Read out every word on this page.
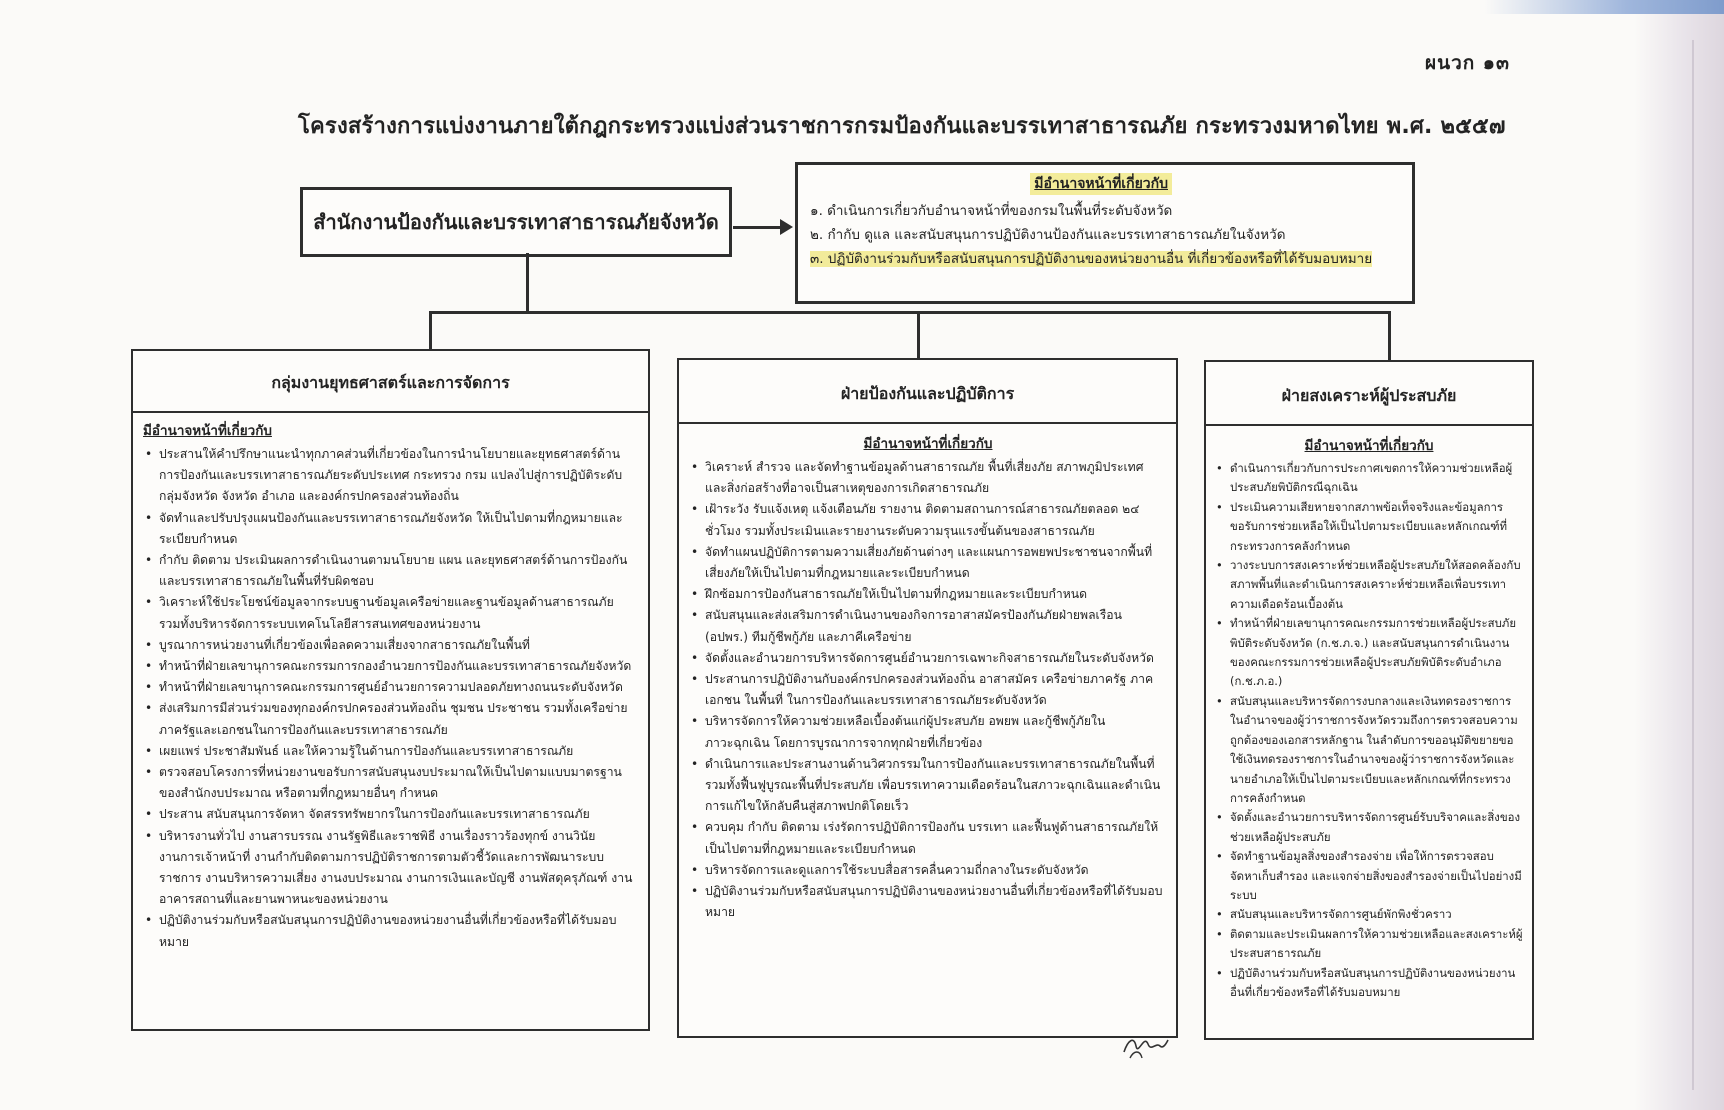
ผนวก ๑๓
โครงสร้างการแบ่งงานภายใต้กฎกระทรวงแบ่งส่วนราชการกรมป้องกันและบรรเทาสาธารณภัย กระทรวงมหาดไทย พ.ศ. ๒๕๕๗
สำนักงานป้องกันและบรรเทาสาธารณภัยจังหวัด
มีอำนาจหน้าที่เกี่ยวกับ
๑. ดำเนินการเกี่ยวกับอำนาจหน้าที่ของกรมในพื้นที่ระดับจังหวัด
๒. กำกับ ดูแล และสนับสนุนการปฏิบัติงานป้องกันและบรรเทาสาธารณภัยในจังหวัด
๓. ปฏิบัติงานร่วมกับหรือสนับสนุนการปฏิบัติงานของหน่วยงานอื่น ที่เกี่ยวข้องหรือที่ได้รับมอบหมาย
กลุ่มงานยุทธศาสตร์และการจัดการ
มีอำนาจหน้าที่เกี่ยวกับ
• ประสานให้คำปรึกษาแนะนำทุกภาคส่วนที่เกี่ยวข้องในการนำนโยบายและยุทธศาสตร์ด้านการป้องกันและบรรเทาสาธารณภัยระดับประเทศ กระทรวง กรม แปลงไปสู่การปฏิบัติระดับกลุ่มจังหวัด จังหวัด อำเภอ และองค์กรปกครองส่วนท้องถิ่น
• จัดทำและปรับปรุงแผนป้องกันและบรรเทาสาธารณภัยจังหวัด ให้เป็นไปตามที่กฎหมายและระเบียบกำหนด
• กำกับ ติดตาม ประเมินผลการดำเนินงานตามนโยบาย แผน และยุทธศาสตร์ด้านการป้องกันและบรรเทาสาธารณภัยในพื้นที่รับผิดชอบ
• วิเคราะห์ใช้ประโยชน์ข้อมูลจากระบบฐานข้อมูลเครือข่ายและฐานข้อมูลด้านสาธารณภัย รวมทั้งบริหารจัดการระบบเทคโนโลยีสารสนเทศของหน่วยงาน
• บูรณาการหน่วยงานที่เกี่ยวข้องเพื่อลดความเสี่ยงจากสาธารณภัยในพื้นที่
• ทำหน้าที่ฝ่ายเลขานุการคณะกรรมการกองอำนวยการป้องกันและบรรเทาสาธารณภัยจังหวัด
• ทำหน้าที่ฝ่ายเลขานุการคณะกรรมการศูนย์อำนวยการความปลอดภัยทางถนนระดับจังหวัด
• ส่งเสริมการมีส่วนร่วมของทุกองค์กรปกครองส่วนท้องถิ่น ชุมชน ประชาชน รวมทั้งเครือข่ายภาครัฐและเอกชนในการป้องกันและบรรเทาสาธารณภัย
• เผยแพร่ ประชาสัมพันธ์ และให้ความรู้ในด้านการป้องกันและบรรเทาสาธารณภัย
• ตรวจสอบโครงการที่หน่วยงานขอรับการสนับสนุนงบประมาณให้เป็นไปตามแบบมาตรฐานของสำนักงบประมาณ หรือตามที่กฎหมายอื่นๆ กำหนด
• ประสาน สนับสนุนการจัดหา จัดสรรทรัพยากรในการป้องกันและบรรเทาสาธารณภัย
• บริหารงานทั่วไป งานสารบรรณ งานรัฐพิธีและราชพิธี งานเรื่องราวร้องทุกข์ งานวินัย งานการเจ้าหน้าที่ งานกำกับติดตามการปฏิบัติราชการตามตัวชี้วัดและการพัฒนาระบบราชการ งานบริหารความเสี่ยง งานงบประมาณ งานการเงินและบัญชี งานพัสดุครุภัณฑ์ งานอาคารสถานที่และยานพาหนะของหน่วยงาน
• ปฏิบัติงานร่วมกับหรือสนับสนุนการปฏิบัติงานของหน่วยงานอื่นที่เกี่ยวข้องหรือที่ได้รับมอบหมาย
ฝ่ายป้องกันและปฏิบัติการ
มีอำนาจหน้าที่เกี่ยวกับ
• วิเคราะห์ สำรวจ และจัดทำฐานข้อมูลด้านสาธารณภัย พื้นที่เสี่ยงภัย สภาพภูมิประเทศ และสิ่งก่อสร้างที่อาจเป็นสาเหตุของการเกิดสาธารณภัย
• เฝ้าระวัง รับแจ้งเหตุ แจ้งเตือนภัย รายงาน ติดตามสถานการณ์สาธารณภัยตลอด ๒๔ ชั่วโมง รวมทั้งประเมินและรายงานระดับความรุนแรงขั้นต้นของสาธารณภัย
• จัดทำแผนปฏิบัติการตามความเสี่ยงภัยด้านต่างๆ และแผนการอพยพประชาชนจากพื้นที่เสี่ยงภัยให้เป็นไปตามที่กฎหมายและระเบียบกำหนด
• ฝึกซ้อมการป้องกันสาธารณภัยให้เป็นไปตามที่กฎหมายและระเบียบกำหนด
• สนับสนุนและส่งเสริมการดำเนินงานของกิจการอาสาสมัครป้องกันภัยฝ่ายพลเรือน (อปพร.) ทีมกู้ชีพกู้ภัย และภาคีเครือข่าย
• จัดตั้งและอำนวยการบริหารจัดการศูนย์อำนวยการเฉพาะกิจสาธารณภัยในระดับจังหวัด
• ประสานการปฏิบัติงานกับองค์กรปกครองส่วนท้องถิ่น อาสาสมัคร เครือข่ายภาครัฐ ภาคเอกชน ในพื้นที่ ในการป้องกันและบรรเทาสาธารณภัยระดับจังหวัด
• บริหารจัดการให้ความช่วยเหลือเบื้องต้นแก่ผู้ประสบภัย อพยพ และกู้ชีพกู้ภัยในภาวะฉุกเฉิน โดยการบูรณาการจากทุกฝ่ายที่เกี่ยวข้อง
• ดำเนินการและประสานงานด้านวิศวกรรมในการป้องกันและบรรเทาสาธารณภัยในพื้นที่ รวมทั้งฟื้นฟูบูรณะพื้นที่ประสบภัย เพื่อบรรเทาความเดือดร้อนในสภาวะฉุกเฉินและดำเนินการแก้ไขให้กลับคืนสู่สภาพปกติโดยเร็ว
• ควบคุม กำกับ ติดตาม เร่งรัดการปฏิบัติการป้องกัน บรรเทา และฟื้นฟูด้านสาธารณภัยให้เป็นไปตามที่กฎหมายและระเบียบกำหนด
• บริหารจัดการและดูแลการใช้ระบบสื่อสารคลื่นความถี่กลางในระดับจังหวัด
• ปฏิบัติงานร่วมกับหรือสนับสนุนการปฏิบัติงานของหน่วยงานอื่นที่เกี่ยวข้องหรือที่ได้รับมอบหมาย
ฝ่ายสงเคราะห์ผู้ประสบภัย
มีอำนาจหน้าที่เกี่ยวกับ
• ดำเนินการเกี่ยวกับการประกาศเขตการให้ความช่วยเหลือผู้ประสบภัยพิบัติกรณีฉุกเฉิน
• ประเมินความเสียหายจากสภาพข้อเท็จจริงและข้อมูลการขอรับการช่วยเหลือให้เป็นไปตามระเบียบและหลักเกณฑ์ที่กระทรวงการคลังกำหนด
• วางระบบการสงเคราะห์ช่วยเหลือผู้ประสบภัยให้สอดคล้องกับสภาพพื้นที่และดำเนินการสงเคราะห์ช่วยเหลือเพื่อบรรเทาความเดือดร้อนเบื้องต้น
• ทำหน้าที่ฝ่ายเลขานุการคณะกรรมการช่วยเหลือผู้ประสบภัยพิบัติระดับจังหวัด (ก.ช.ภ.จ.) และสนับสนุนการดำเนินงานของคณะกรรมการช่วยเหลือผู้ประสบภัยพิบัติระดับอำเภอ (ก.ช.ภ.อ.)
• สนับสนุนและบริหารจัดการงบกลางและเงินทดรองราชการในอำนาจของผู้ว่าราชการจังหวัดรวมถึงการตรวจสอบความถูกต้องของเอกสารหลักฐาน ในลำดับการขออนุมัติขยายขอใช้เงินทดรองราชการในอำนาจของผู้ว่าราชการจังหวัดและนายอำเภอให้เป็นไปตามระเบียบและหลักเกณฑ์ที่กระทรวงการคลังกำหนด
• จัดตั้งและอำนวยการบริหารจัดการศูนย์รับบริจาคและสิ่งของช่วยเหลือผู้ประสบภัย
• จัดทำฐานข้อมูลสิ่งของสำรองจ่าย เพื่อให้การตรวจสอบ จัดหาเก็บสำรอง และแจกจ่ายสิ่งของสำรองจ่ายเป็นไปอย่างมีระบบ
• สนับสนุนและบริหารจัดการศูนย์พักพิงชั่วคราว
• ติดตามและประเมินผลการให้ความช่วยเหลือและสงเคราะห์ผู้ประสบสาธารณภัย
• ปฏิบัติงานร่วมกับหรือสนับสนุนการปฏิบัติงานของหน่วยงานอื่นที่เกี่ยวข้องหรือที่ได้รับมอบหมาย
